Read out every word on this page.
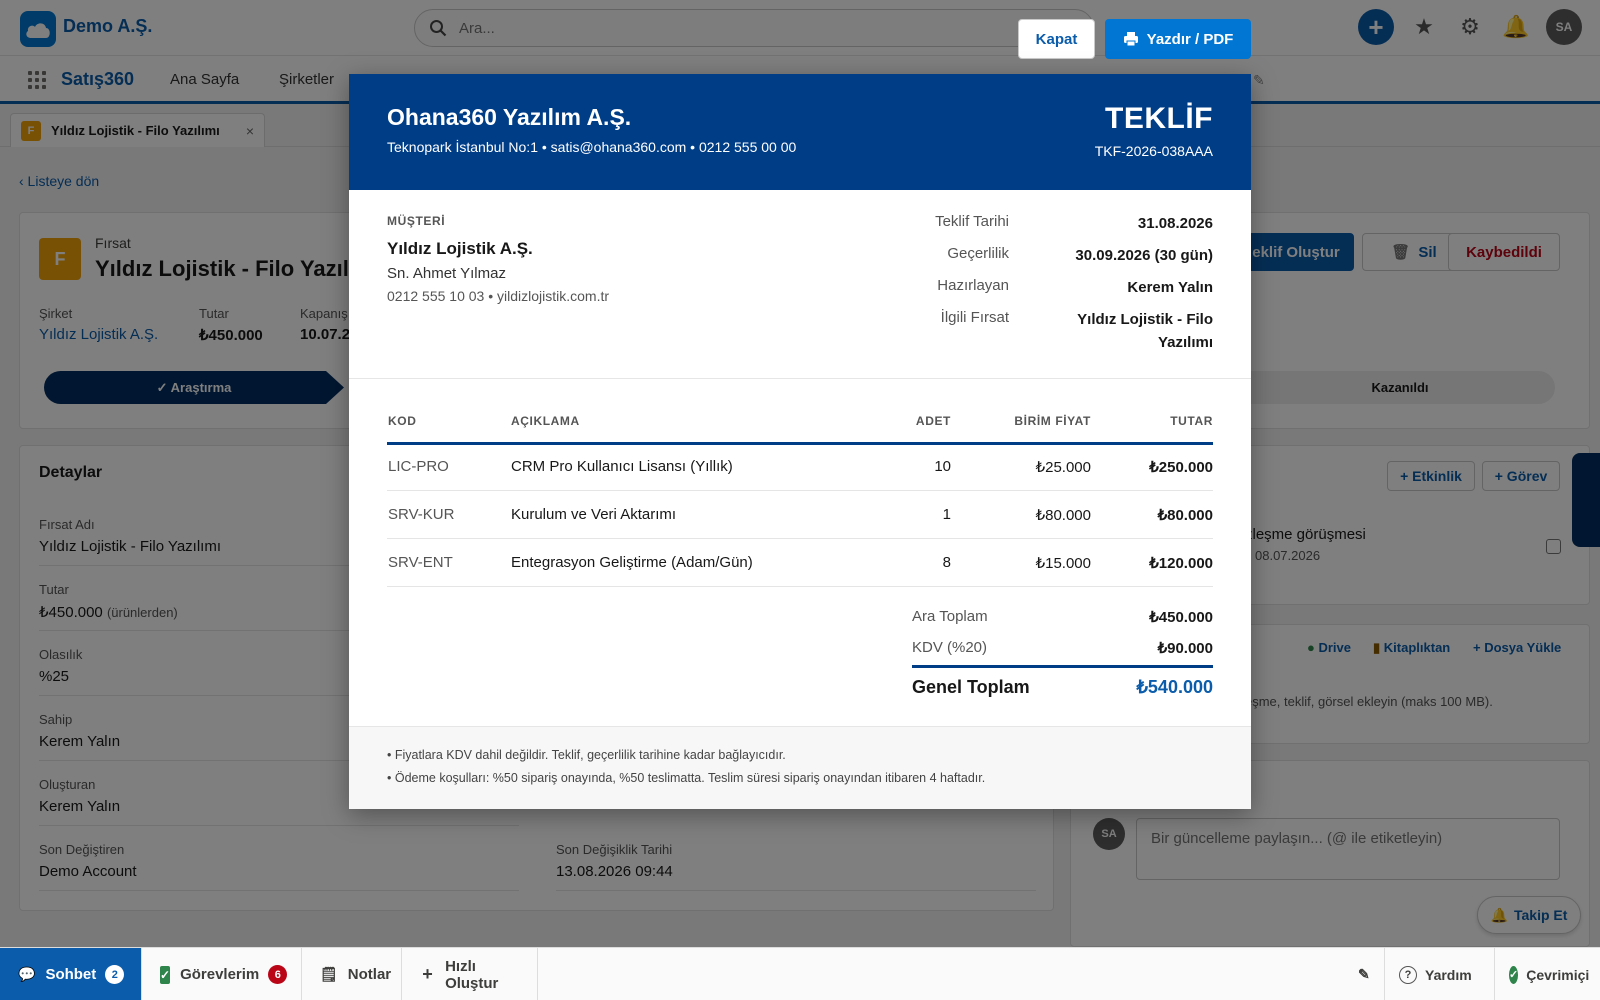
Ara...
Bir güncelleme paylaşın... (@ ile etiketleyin)
Kapat	Yazdır / PDF
Ohana360 Yazılım A.Ş.
Teknopark İstanbul No:1 • satis@ohana360.com • 0212 555 00 00
TEKLİF
TKF-2026-038AAA
MÜŞTERİ
Yıldız Lojistik A.Ş.
Sn. Ahmet Yılmaz
0212 555 10 03 • yildizlojistik.com.tr
Teklif Tarihi	31.08.2026
Geçerlilik	30.09.2026 (30 gün)
Hazırlayan	Kerem Yalın
İlgili Fırsat	Yıldız Lojistik - Filo Yazılımı
KOD	AÇIKLAMA	ADET	BİRİM FİYAT	TUTAR
LIC-PRO	CRM Pro Kullanıcı Lisansı (Yıllık)	10	₺25.000	₺250.000
SRV-KUR	Kurulum ve Veri Aktarımı	1	₺80.000	₺80.000
SRV-ENT	Entegrasyon Geliştirme (Adam/Gün)	8	₺15.000	₺120.000
Ara Toplam	₺450.000
KDV (%20)	₺90.000
Genel Toplam	₺540.000
• Fiyatlara KDV dahil değildir. Teklif, geçerlilik tarihine kadar bağlayıcıdır.
• Ödeme koşulları: %50 sipariş onayında, %50 teslimatta. Teslim süresi sipariş onayından itibaren 4 haftadır.
💬 Sohbet	2	✓ Görevlerim	6	🗒 Notlar + Hızlı Oluştur
✎	? Yardım	✓ Çevrimiçi
